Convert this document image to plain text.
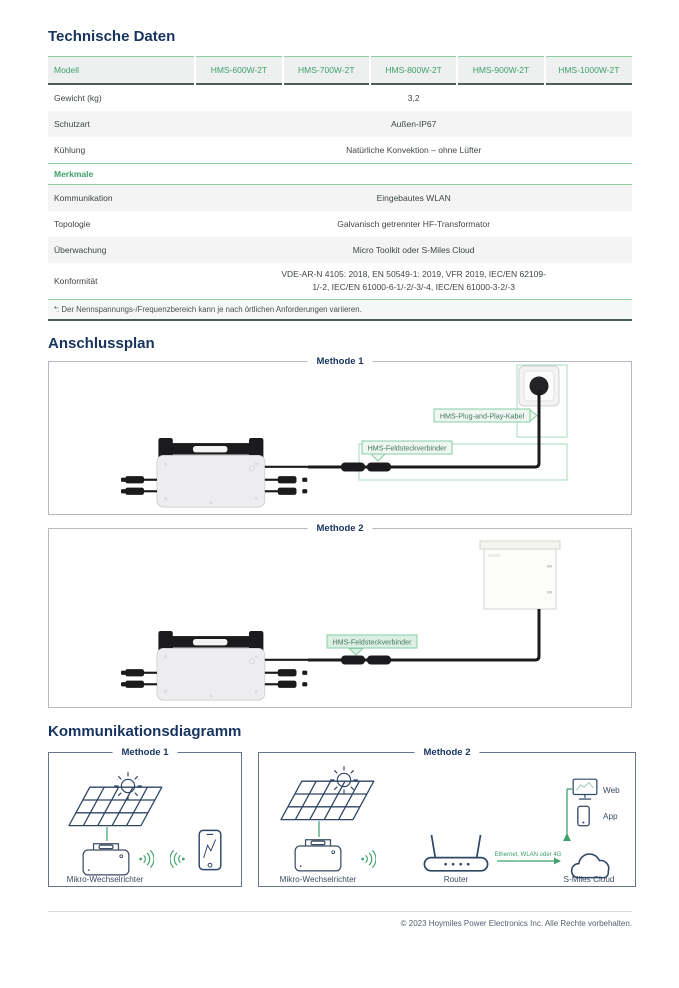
Technische Daten
Modell	HMS-600W-2T	HMS-700W-2T	HMS-800W-2T	HMS-900W-2T	HMS-1000W-2T
Gewicht (kg)	3,2				
Schutzart	Außen-IP67				
Kühlung	Natürliche Konvektion – ohne Lüfter				
Merkmale					
Kommunikation	Eingebautes WLAN				
Topologie	Galvanisch getrennter HF-Transformator				
Überwachung	Micro Toolkit oder S-Miles Cloud				
Konformität	VDE-AR-N 4105: 2018, EN 50549-1: 2019, VFR 2019, IEC/EN 62109-1/-2, IEC/EN 61000-6-1/-2/-3/-4, IEC/EN 61000-3-2/-3				
*: Der Nennspannungs-/Frequenzbereich kann je nach örtlichen Anforderungen variieren.					
Anschlussplan
Methode 1
HMS-Plug-and-Play-Kabel
HMS-Feldsteckverbinder
Methode 2
HMS-Feldsteckverbinder
Kommunikationsdiagramm
Methode 1
Mikro-Wechselrichter
Methode 2
Ethernet, WLAN oder 4G
Web
App
Mikro-Wechselrichter	Router	S-Miles Cloud
© 2023 Hoymiles Power Electronics Inc. Alle Rechte vorbehalten.
